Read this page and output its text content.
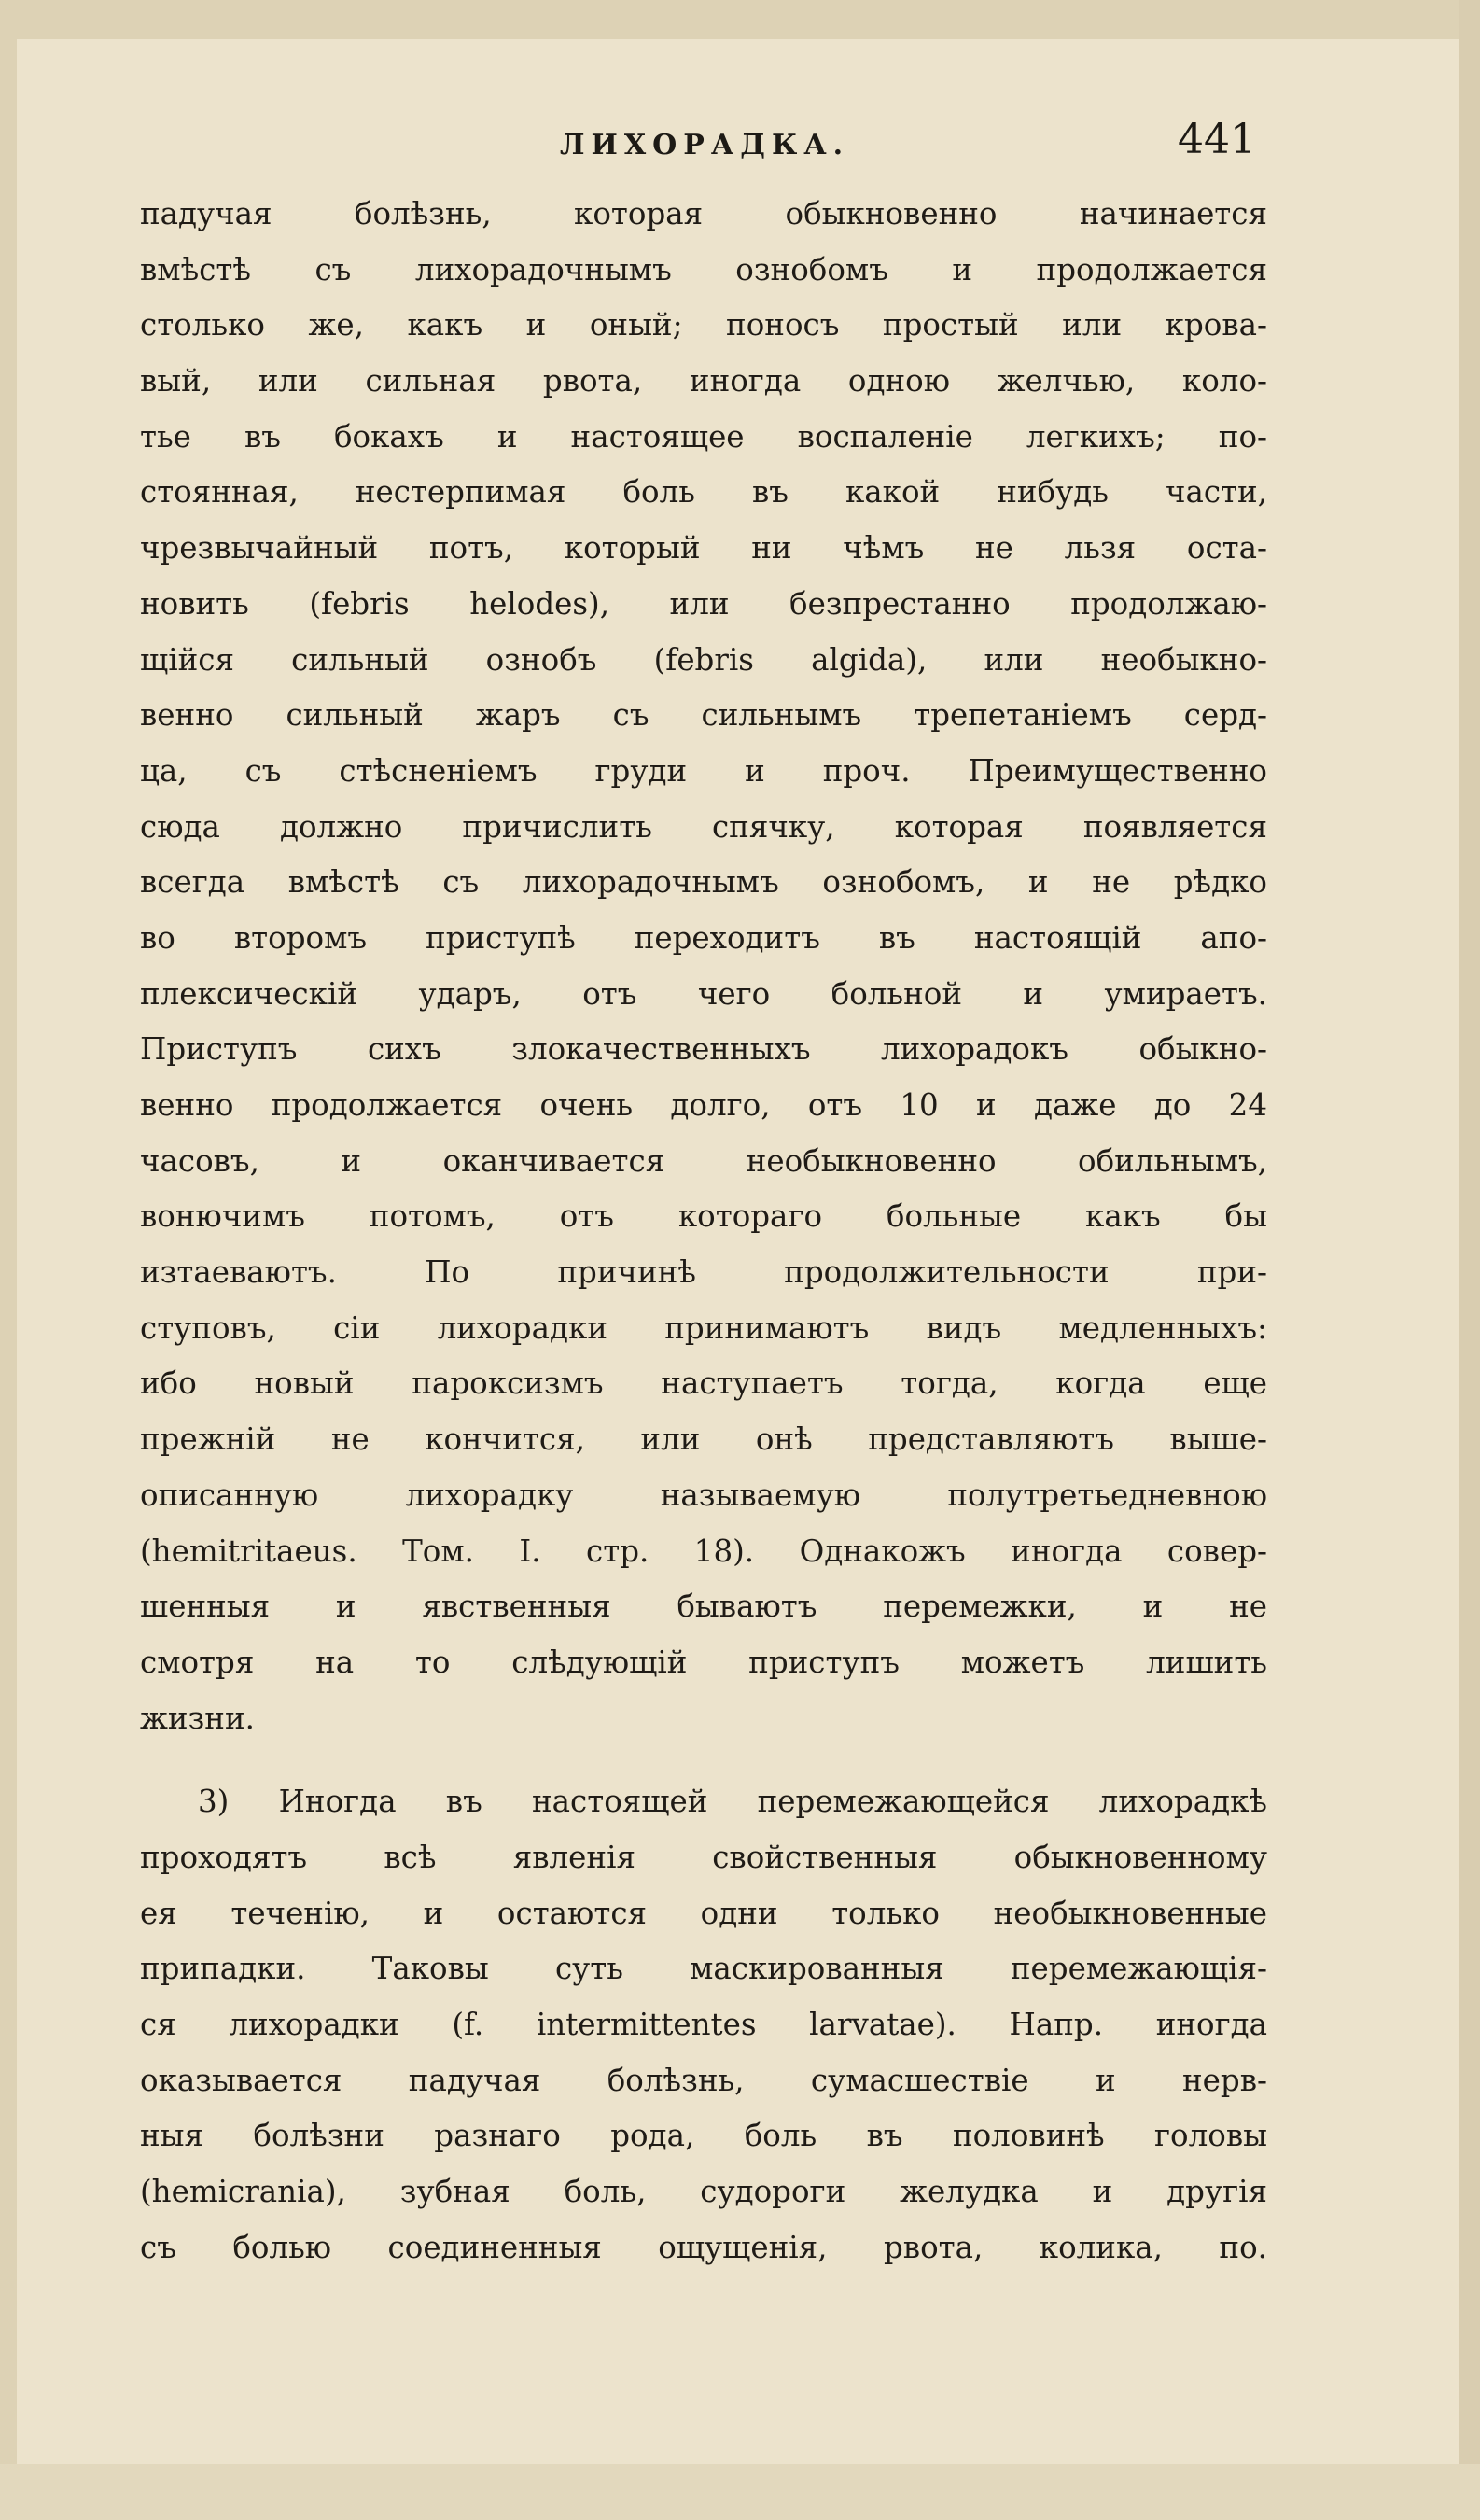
ЛИХОРАДКА.	441
падучая болѣзнь, которая обыкновенно начинается
вмѣстѣ съ лихорадочнымъ ознобомъ и продолжается
столько же, какъ и оный; поносъ простый или крова-
вый, или сильная рвота, иногда одною желчью, коло-
тье въ бокахъ и настоящее воспаленіе легкихъ; по-
стоянная, нестерпимая боль въ какой нибудь части,
чрезвычайный потъ, который ни чѣмъ не льзя оста-
новить (febris helodes), или безпрестанно продолжаю-
щійся сильный ознобъ (febris algida), или необыкно-
венно сильный жаръ съ сильнымъ трепетаніемъ серд-
ца, съ стѣсненіемъ груди и проч. Преимущественно
сюда должно причислить спячку, которая появляется
всегда вмѣстѣ съ лихорадочнымъ ознобомъ, и не рѣдко
во второмъ приступѣ переходитъ въ настоящій апо-
плексическій ударъ, отъ чего больной и умираетъ.
Приступъ сихъ злокачественныхъ лихорадокъ обыкно-
венно продолжается очень долго, отъ 10 и даже до 24
часовъ, и оканчивается необыкновенно обильнымъ,
вонючимъ потомъ, отъ котораго больные какъ бы
изтаеваютъ. По причинѣ продолжительности при-
ступовъ, сіи лихорадки принимаютъ видъ медленныхъ:
ибо новый пароксизмъ наступаетъ тогда, когда еще
прежній не кончится, или онѣ представляютъ выше-
описанную лихорадку называемую полутретьедневною
(hemitritaeus. Том. I. стр. 18). Однакожъ иногда совер-
шенныя и явственныя бываютъ перемежки, и не
смотря на то слѣдующій приступъ можетъ лишить
жизни.
3) Иногда въ настоящей перемежающейся лихорадкѣ
проходятъ всѣ явленія свойственныя обыкновенному
ея теченію, и остаются одни только необыкновенные
припадки. Таковы суть маскированныя перемежающія-
ся лихорадки (f. intermittentes larvatae). Напр. иногда
оказывается падучая болѣзнь, сумасшествіе и нерв-
ныя болѣзни разнаго рода, боль въ половинѣ головы
(hemicrania), зубная боль, судороги желудка и другія
съ болью соединенныя ощущенія, рвота, колика, по.
